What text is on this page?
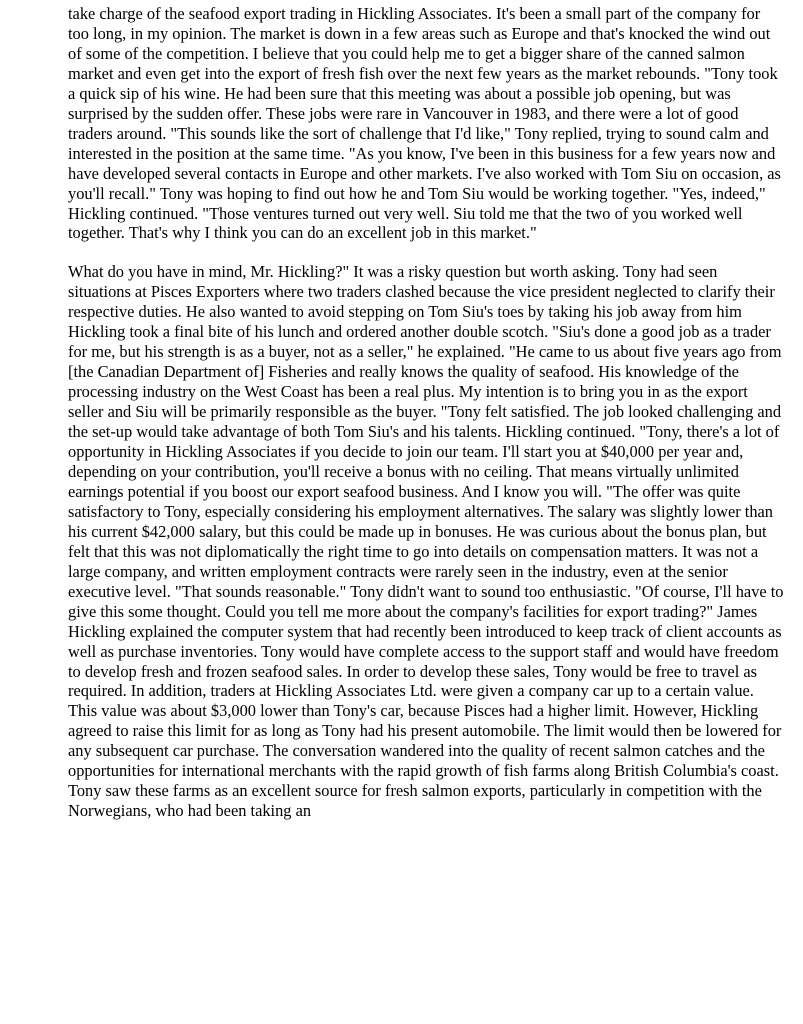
take charge of the seafood export trading in Hickling Associates. It's been a small part of the company for too long, in my opinion. The market is down in a few areas such as Europe and that's knocked the wind out of some of the competition. I believe that you could help me to get a bigger share of the canned salmon market and even get into the export of fresh fish over the next few years as the market rebounds. "Tony took a quick sip of his wine. He had been sure that this meeting was about a possible job opening, but was surprised by the sudden offer. These jobs were rare in Vancouver in 1983, and there were a lot of good traders around. "This sounds like the sort of challenge that I'd like," Tony replied, trying to sound calm and interested in the position at the same time. "As you know, I've been in this business for a few years now and have developed several contacts in Europe and other markets. I've also worked with Tom Siu on occasion, as you'll recall." Tony was hoping to find out how he and Tom Siu would be working together. "Yes, indeed," Hickling continued. "Those ventures turned out very well. Siu told me that the two of you worked well together. That's why I think you can do an excellent job in this market."

What do you have in mind, Mr. Hickling?" It was a risky question but worth asking. Tony had seen situations at Pisces Exporters where two traders clashed because the vice president neglected to clarify their respective duties. He also wanted to avoid stepping on Tom Siu's toes by taking his job away from him Hickling took a final bite of his lunch and ordered another double scotch. "Siu's done a good job as a trader for me, but his strength is as a buyer, not as a seller," he explained. "He came to us about five years ago from [the Canadian Department of] Fisheries and really knows the quality of seafood. His knowledge of the processing industry on the West Coast has been a real plus. My intention is to bring you in as the export seller and Siu will be primarily responsible as the buyer. "Tony felt satisfied. The job looked challenging and the set-up would take advantage of both Tom Siu's and his talents. Hickling continued. "Tony, there's a lot of opportunity in Hickling Associates if you decide to join our team. I'll start you at $40,000 per year and, depending on your contribution, you'll receive a bonus with no ceiling. That means virtually unlimited earnings potential if you boost our export seafood business. And I know you will. "The offer was quite satisfactory to Tony, especially considering his employment alternatives. The salary was slightly lower than his current $42,000 salary, but this could be made up in bonuses. He was curious about the bonus plan, but felt that this was not diplomatically the right time to go into details on compensation matters. It was not a large company, and written employment contracts were rarely seen in the industry, even at the senior executive level. "That sounds reasonable." Tony didn't want to sound too enthusiastic. "Of course, I'll have to give this some thought. Could you tell me more about the company's facilities for export trading?" James Hickling explained the computer system that had recently been introduced to keep track of client accounts as well as purchase inventories. Tony would have complete access to the support staff and would have freedom to develop fresh and frozen seafood sales. In order to develop these sales, Tony would be free to travel as required. In addition, traders at Hickling Associates Ltd. were given a company car up to a certain value. This value was about $3,000 lower than Tony's car, because Pisces had a higher limit. However, Hickling agreed to raise this limit for as long as Tony had his present automobile. The limit would then be lowered for any subsequent car purchase. The conversation wandered into the quality of recent salmon catches and the opportunities for international merchants with the rapid growth of fish farms along British Columbia's coast. Tony saw these farms as an excellent source for fresh salmon exports, particularly in competition with the Norwegians, who had been taking an
